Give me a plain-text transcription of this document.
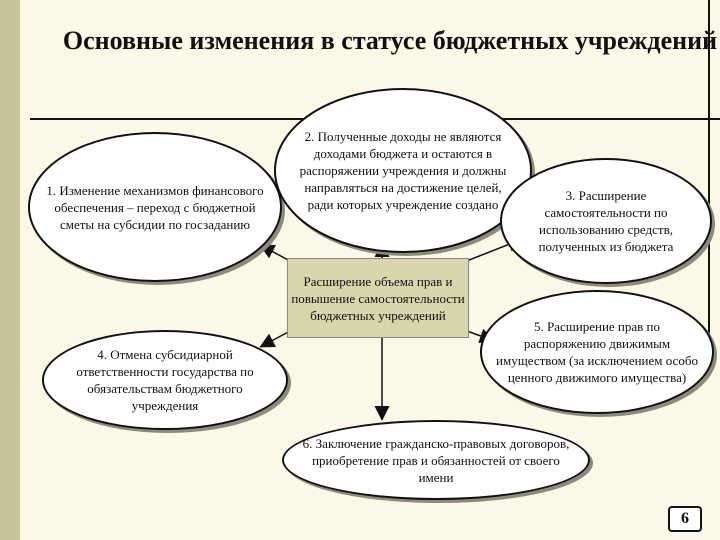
Основные изменения в статусе бюджетных учреждений
1. Изменение механизмов финансового обеспечения – переход с бюджетной сметы на субсидии по госзаданию
2. Полученные доходы не являются доходами бюджета и остаются в распоряжении учреждения и должны направляться на достижение целей, ради которых учреждение создано
3. Расширение самостоятельности по использованию средств, полученных из бюджета
Расширение объема прав и повышение самостоятельности бюджетных учреждений
4. Отмена субсидиарной ответственности государства по обязательствам бюджетного учреждения
5. Расширение прав по распоряжению движимым имуществом (за исключением особо ценного движимого имущества)
6. Заключение гражданско-правовых договоров, приобретение прав и обязанностей от своего имени
6
